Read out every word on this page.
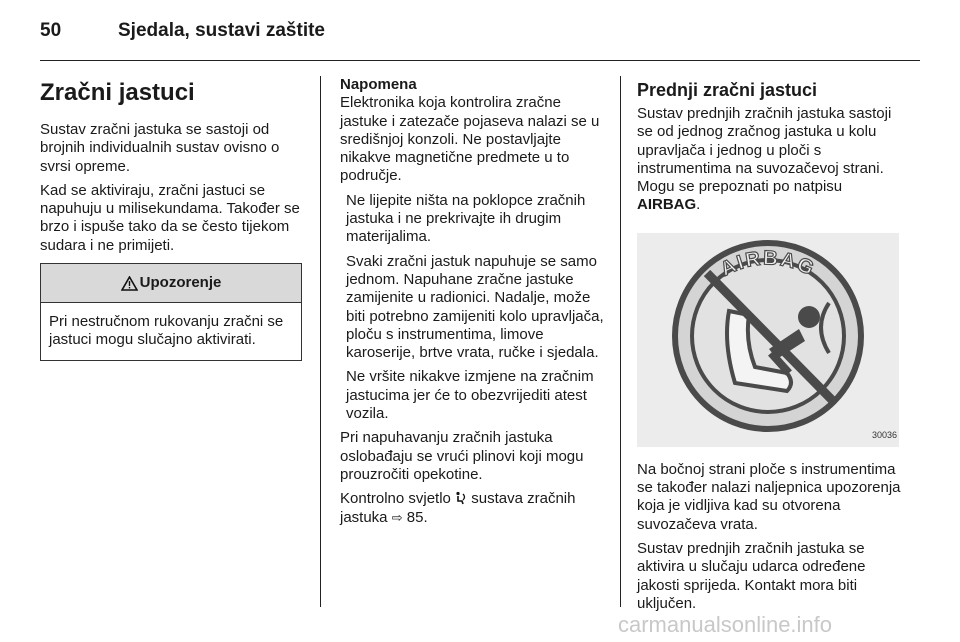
50	Sjedala, sustavi zaštite
Zračni jastuci

Sustav zračni jastuka se sastoji od brojnih individualnih sustav ovisno o svrsi opreme.

Kad se aktiviraju, zračni jastuci se napuhuju u milisekundama. Također se brzo i ispuše tako da se često tijekom sudara i ne primijeti.

Upozorenje
Pri nestručnom rukovanju zračni se jastuci mogu slučajno aktivirati.
Napomena

Elektronika koja kontrolira zračne jastuke i zatezače pojaseva nalazi se u središnjoj konzoli. Ne postavljajte nikakve magnetične predmete u to područje.

Ne lijepite ništa na poklopce zračnih jastuka i ne prekrivajte ih drugim materijalima.

Svaki zračni jastuk napuhuje se samo jednom. Napuhane zračne jastuke zamijenite u radionici. Nadalje, može biti potrebno zamijeniti kolo upravljača, ploču s instrumentima, limove karoserije, brtve vrata, ručke i sjedala.

Ne vršite nikakve izmjene na zračnim jastucima jer će to obezvrijediti atest vozila.

Pri napuhavanju zračnih jastuka oslobađaju se vrući plinovi koji mogu prouzročiti opekotine.

Kontrolno svjetlo sustava zračnih jastuka ⇨ 85.

Prednji zračni jastuci

Sustav prednjih zračnih jastuka sastoji se od jednog zračnog jastuka u kolu upravljača i jednog u ploči s instrumentima na suvozačevoj strani. Mogu se prepoznati po natpisu  AIRBAG.

AIRBAG
30036

Na bočnoj strani ploče s instrumentima se također nalazi naljepnica upozorenja koja je vidljiva kad su otvorena suvozačeva vrata.

Sustav prednjih zračnih jastuka se aktivira u slučaju udarca određene jakosti sprijeda. Kontakt mora biti uključen.

carmanualsonline.info
